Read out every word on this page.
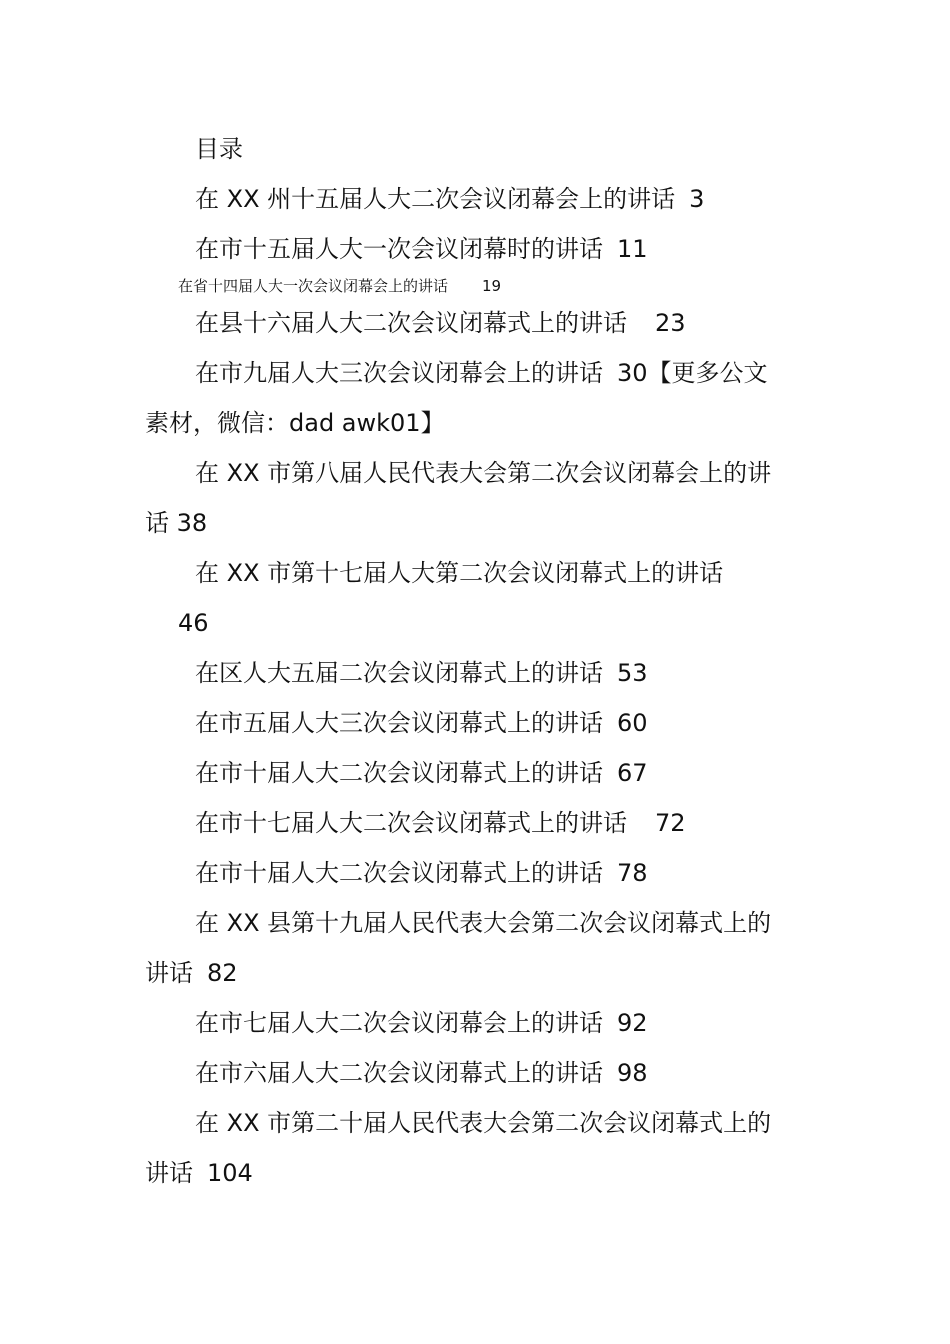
目录
在 XX 州十五届人大二次会议闭幕会上的讲话 3
在市十五届人大一次会议闭幕时的讲话 11
在省十四届人大一次会议闭幕会上的讲话 19
在县十六届人大二次会议闭幕式上的讲话 23
在市九届人大三次会议闭幕会上的讲话 30【更多公文
素材，微信：dad awk01】
在 XX 市第八届人民代表大会第二次会议闭幕会上的讲
话 38
在 XX 市第十七届人大第二次会议闭幕式上的讲话
46
在区人大五届二次会议闭幕式上的讲话 53
在市五届人大三次会议闭幕式上的讲话 60
在市十届人大二次会议闭幕式上的讲话 67
在市十七届人大二次会议闭幕式上的讲话 72
在市十届人大二次会议闭幕式上的讲话 78
在 XX 县第十九届人民代表大会第二次会议闭幕式上的
讲话 82
在市七届人大二次会议闭幕会上的讲话 92
在市六届人大二次会议闭幕式上的讲话 98
在 XX 市第二十届人民代表大会第二次会议闭幕式上的
讲话 104
